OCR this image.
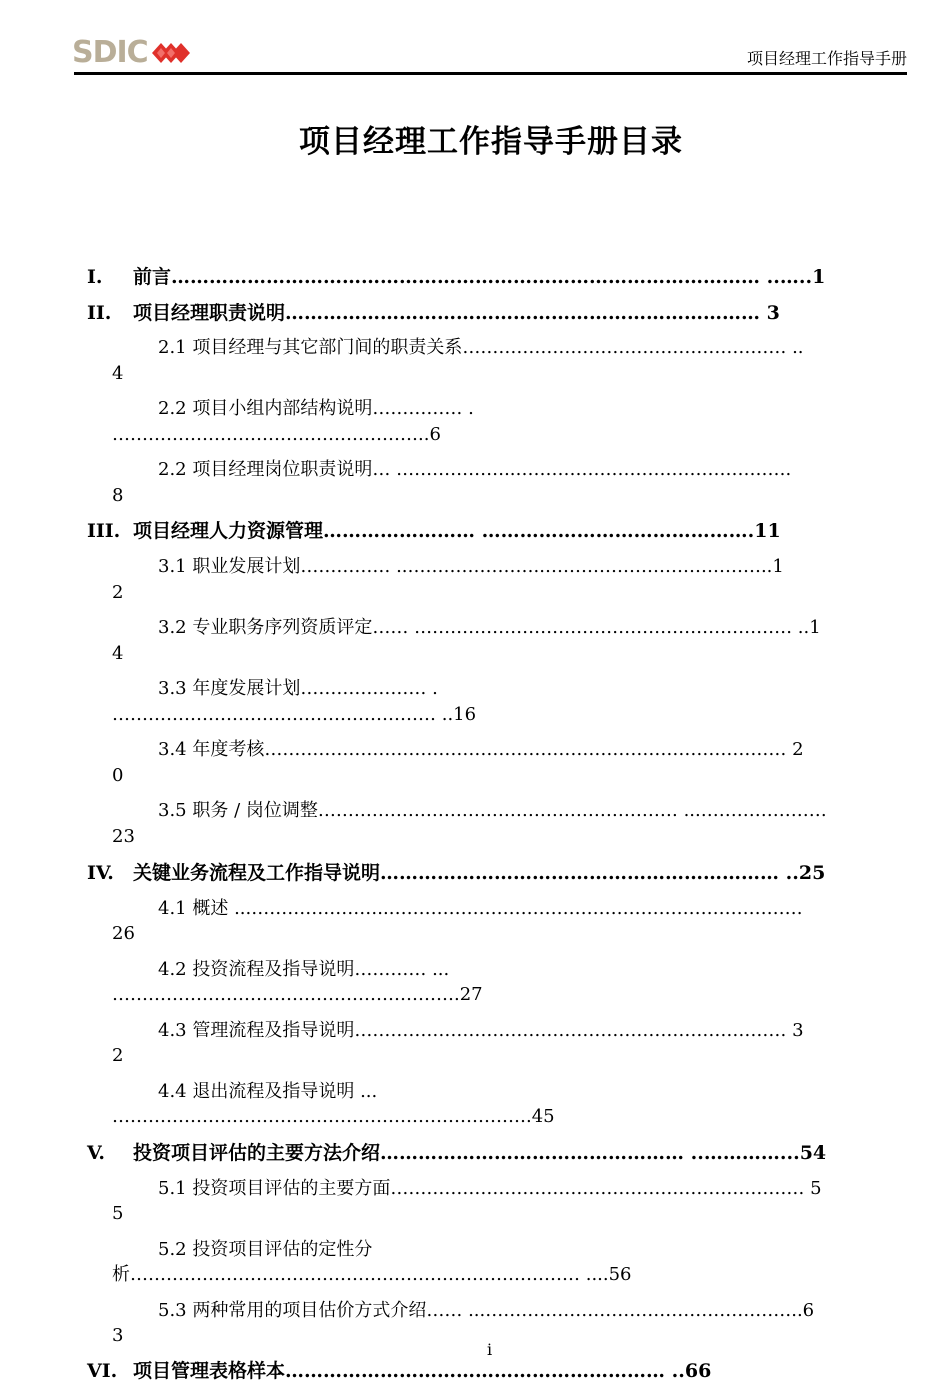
SDIC	项目经理工作指导手册
项目经理工作指导手册目录
I. 前言………………………………………………………………………………… ..…..1
II. 项目经理职责说明………………………………………………………………… 3
2.1 项目经理与其它部门间的职责关系……………………………………………… ..
4
2.2 项目小组内部结构说明…………… .
……………………………………………..6
2.2 项目经理岗位职责说明… ………………..……………………………………….
8
III. 项目经理人力资源管理…………………… …………………………………….11
3.1 职业发展计划…………… ..…………………..………………………………..1
2
3.2 专业职务序列资质评定…… ……………………………………………………… ..1
4
3.3 年度发展计划………………… .
……………………………………………… ..16
3.4 年度考核…………………………………………………………………………… 2
0
3.5 职务 / 岗位调整…………………………………………………… ...…………………
23
IV. 关键业务流程及工作指导说明……………………………………………………… ..25
4.1 概述 ...…………………..……………………………………………………………
26
4.2 投资流程及指导说明………… ...
………………………………………………….27
4.3 管理流程及指导说明……………………………………………………………… 3
2
4.4 退出流程及指导说明 ...
…………………………………………………………….45
V. 投资项目评估的主要方法介绍………………………………………… ..…………...54
5.1 投资项目评估的主要方面…………………………………………………………… 5
5
5.2 投资项目评估的定性分
析………………………………………………………………… ....56
5.3 两种常用的项目估价方式介绍…… ...……………………………………………..6
3
VI. 项目管理表格样本…………………………………………………… ..66
i
